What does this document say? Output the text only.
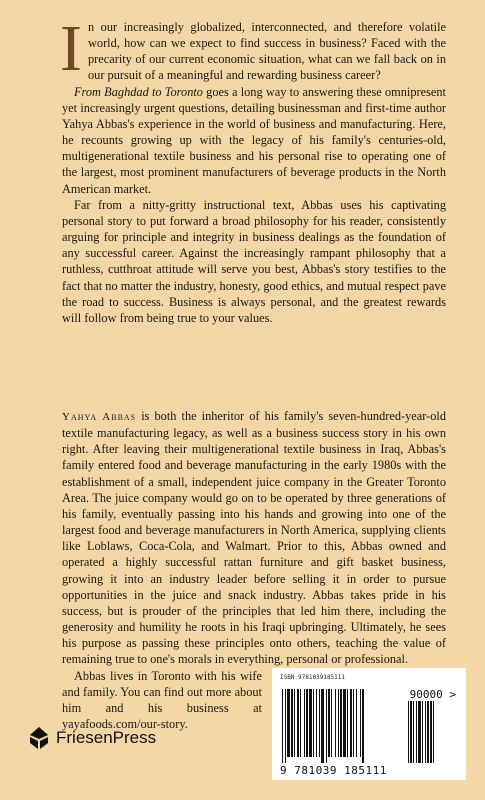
In our increasingly globalized, interconnected, and therefore volatile world, how can we expect to find success in business? Faced with the precarity of our current economic situation, what can we fall back on in our pursuit of a meaningful and rewarding business career?

From Baghdad to Toronto goes a long way to answering these omnipresent yet increasingly urgent questions, detailing businessman and first-time author Yahya Abbas's experience in the world of business and manufacturing. Here, he recounts growing up with the legacy of his family's centuries-old, multigenerational textile business and his personal rise to operating one of the largest, most prominent manufacturers of beverage products in the North American market.

Far from a nitty-gritty instructional text, Abbas uses his captivating personal story to put forward a broad philosophy for his reader, consistently arguing for principle and integrity in business dealings as the foundation of any successful career. Against the increasingly rampant philosophy that a ruthless, cutthroat attitude will serve you best, Abbas's story testifies to the fact that no matter the industry, honesty, good ethics, and mutual respect pave the road to success. Business is always personal, and the greatest rewards will follow from being true to your values.

Yahya Abbas is both the inheritor of his family's seven-hundred-year-old textile manufacturing legacy, as well as a business success story in his own right. After leaving their multigenerational textile business in Iraq, Abbas's family entered food and beverage manufacturing in the early 1980s with the establishment of a small, independent juice company in the Greater Toronto Area. The juice company would go on to be operated by three generations of his family, eventually passing into his hands and growing into one of the largest food and beverage manufacturers in North America, supplying clients like Loblaws, Coca-Cola, and Walmart. Prior to this, Abbas owned and operated a highly successful rattan furniture and gift basket business, growing it into an industry leader before selling it in order to pursue opportunities in the juice and snack industry. Abbas takes pride in his success, but is prouder of the principles that led him there, including the generosity and humility he roots in his Iraqi upbringing. Ultimately, he sees his purpose as passing these principles onto others, teaching the value of remaining true to one's morals in everything, personal or professional.

Abbas lives in Toronto with his wife and family. You can find out more about him and his business at yayafoods.com/our-story.
ISBN 9781039185111
90000 >
9 781039 185111
FriesenPress
